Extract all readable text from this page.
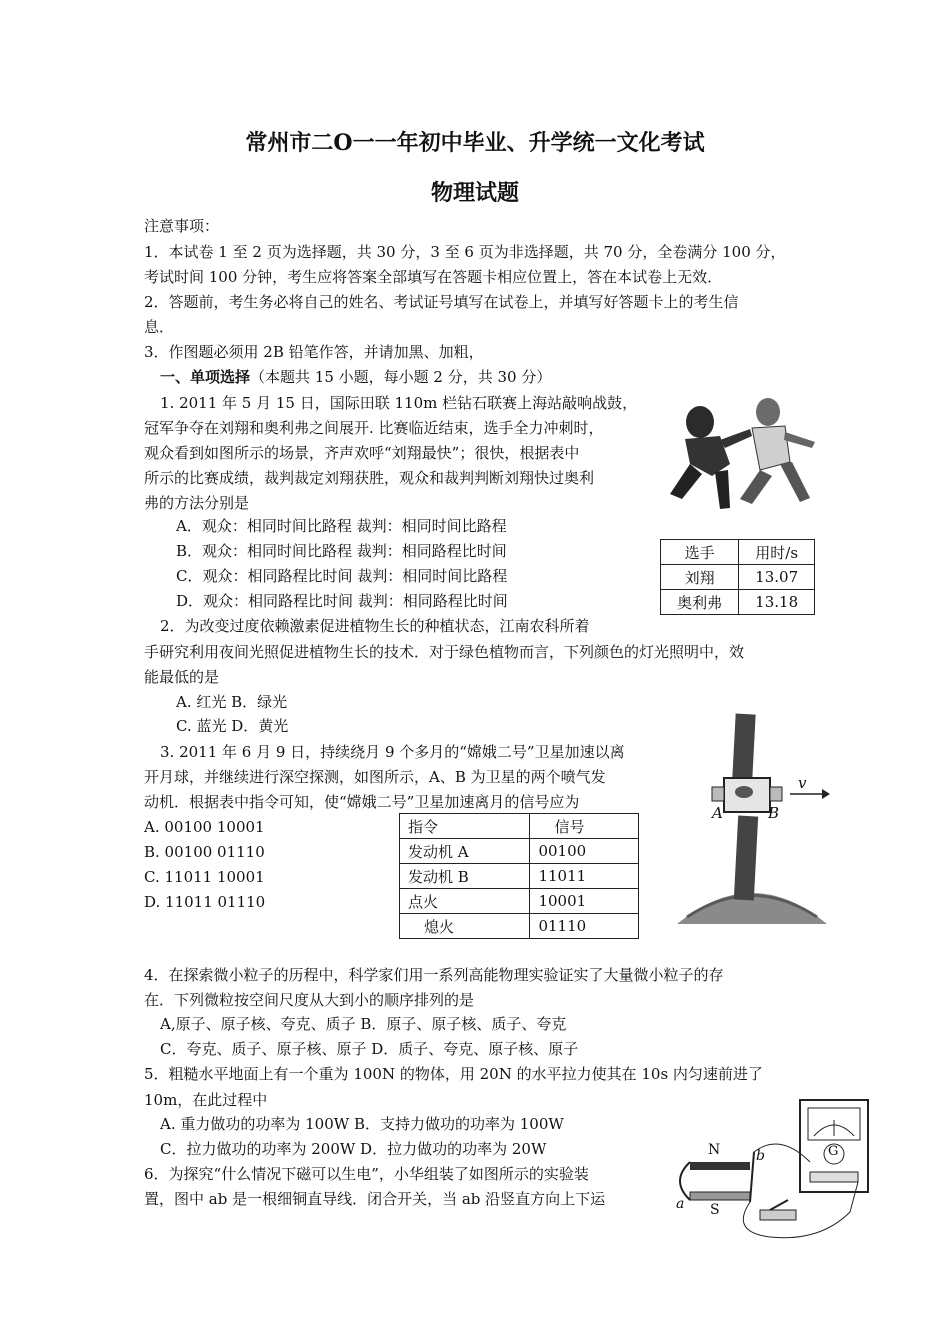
常州市二O一一年初中毕业、升学统一文化考试
物理试题
注意事项：
1．本试卷 1 至 2 页为选择题，共 30 分，3 至 6 页为非选择题，共 70 分，全卷满分 100 分，
考试时间 100 分钟，考生应将答案全部填写在答题卡相应位置上，答在本试卷上无效．
2．答题前，考生务必将自己的姓名、考试证号填写在试卷上，并填写好答题卡上的考生信
息．
3．作图题必须用 2B 铅笔作答，并请加黑、加粗，
一、单项选择（本题共 15 小题，每小题 2 分，共 30 分）
1. 2011 年 5 月 15 日，国际田联 110m 栏钻石联赛上海站敲响战鼓，
冠军争夺在刘翔和奥利弗之间展开. 比赛临近结束，选手全力冲刺时，
观众看到如图所示的场景，齐声欢呼“刘翔最快”；很快，根据表中
所示的比赛成绩，裁判裁定刘翔获胜，观众和裁判判断刘翔快过奥利
弗的方法分别是
A．观众：相同时间比路程 裁判：相同时间比路程
B．观众：相同时间比路程 裁判：相同路程比时间
C．观众：相同路程比时间 裁判：相同时间比路程
D．观众：相同路程比时间 裁判：相同路程比时间
选手	用时/s
刘翔	13.07
奥利弗	13.18
2．为改变过度依赖激素促进植物生长的种植状态，江南农科所着
手研究利用夜间光照促进植物生长的技术．对于绿色植物而言，下列颜色的灯光照明中，效
能最低的是
A. 红光 B．绿光
C. 蓝光 D．黄光
3. 2011 年 6 月 9 日，持续绕月 9 个多月的“嫦娥二号”卫星加速以离
开月球，并继续进行深空探测，如图所示，A、B 为卫星的两个喷气发
动机．根据表中指令可知，使“嫦娥二号”卫星加速离月的信号应为
A. 00100 10001
B. 00100 01110
C. 11011 10001
D. 11011 01110
指令	信号
发动机 A	00100
发动机 B	11011
点火	10001
熄火	01110
A	B
v
4．在探索微小粒子的历程中，科学家们用一系列高能物理实验证实了大量微小粒子的存
在．下列微粒按空间尺度从大到小的顺序排列的是
A,原子、原子核、夸克、质子 B．原子、原子核、质子、夸克
C．夸克、质子、原子核、原子 D．质子、夸克、原子核、原子
5．粗糙水平地面上有一个重为 100N 的物体，用 20N 的水平拉力使其在 10s 内匀速前进了
10m，在此过程中
A. 重力做功的功率为 100W B．支持力做功的功率为 100W
C．拉力做功的功率为 200W D．拉力做功的功率为 20W
6．为探究“什么情况下磁可以生电”，小华组装了如图所示的实验装
置，图中 ab 是一根细铜直导线．闭合开关，当 ab 沿竖直方向上下运
N
S
a
b	G
